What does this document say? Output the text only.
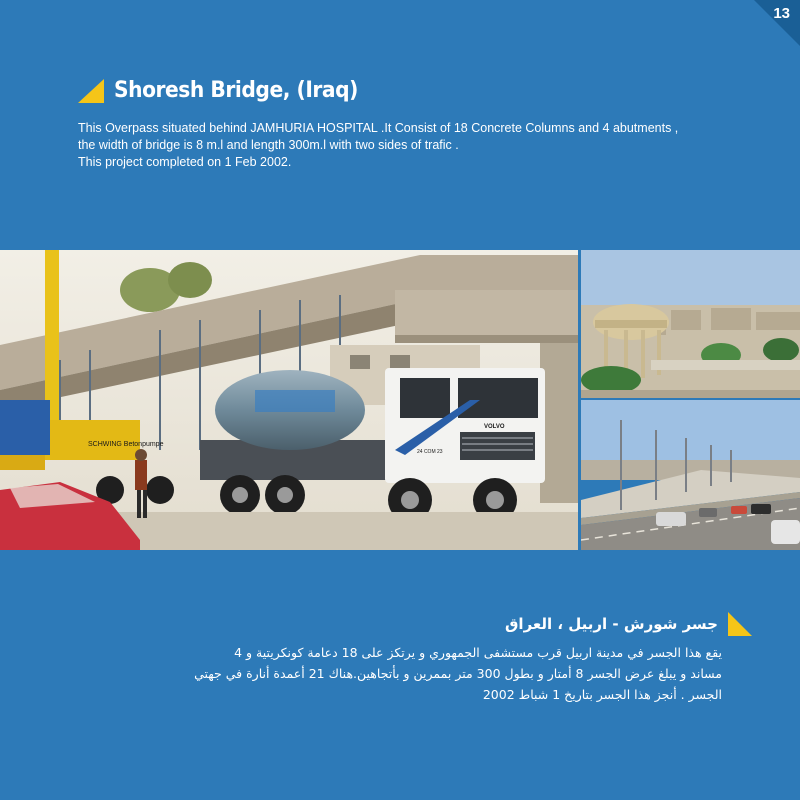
13
Shoresh Bridge, (Iraq)

This Overpass situated behind JAMHURIA HOSPITAL .It Consist of 18 Concrete Columns and 4 abutments ,

the width of bridge is 8 m.l and length 300m.l with two sides of trafic .

This project completed on 1 Feb 2002.

SCHWING Betonpumpe
VOLVO
24 COM 23
جسر شورش - اربيل ، العراق

يقع هذا الجسر في مدينة اربيل قرب مستشفى الجمهوري و يرتكز على 18 دعامة كونكريتية و 4

مساند و يبلغ عرض الجسر 8 أمتار و بطول 300 متر بممرين و بأتجاهين.هناك 21 أعمدة أنارة في جهتي

الجسر . أنجز هذا الجسر بتاريخ 1 شباط 2002
